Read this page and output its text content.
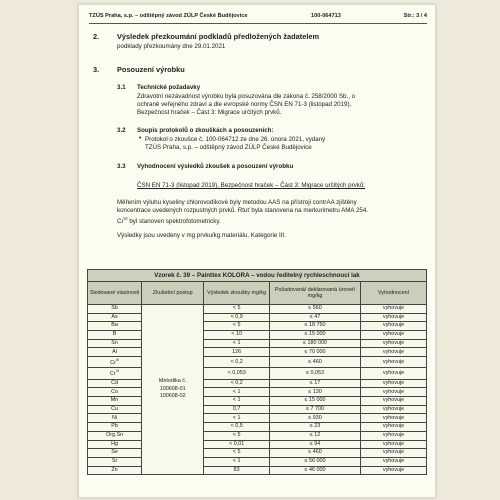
TZÚS Praha, s.p. – odštěpný závod ZÚLP České Budějovice	100-064713	Str.: 3 / 4
2. Výsledek přezkoumání podkladů předložených žadatelem
podklady přezkoumány dne 29.01.2021
3. Posouzení výrobku
3.1 Technické požadavky
Zdravotní nezávadnost výrobku byla posuzována dle zákona č. 258/2000 Sb., o
ochraně veřejného zdraví a dle evropské normy ČSN EN 71-3 (listopad 2019),
Bezpečnost hraček – Část 3: Migrace určitých prvků.
3.2 Soupis protokolů o zkouškách a posouzeních:
• Protokol o zkoušce č. 100-064712 ze dne 26. února 2021, vydaný
TZÚS Praha, s.p. – odštěpný závod ZÚLP České Budějovice
3.3 Vyhodnocení výsledků zkoušek a posouzení výrobku
ČSN EN 71-3 (listopad 2019), Bezpečnost hraček – Část 3: Migrace určitých prvků:
Měřením výluhu kyseliny chlorovodíkové byly metodou AAS na přístroji contrAA zjištěny
koncentrace uvedených rozpustných prvků. Rtuť byla stanovena na merkurimetru AMA 254.
$Cr^{VI}$ byl stanoven spektrofotometricky.
Výsledky jsou uvedeny v mg prvku/kg materiálu. Kategorie III.
Vzorek č. 39 – Painttex KOLORA – vodou ředitelný rychleschnoucí lak				
Sledované vlastnosti	Zkušební postup	Výsledek zkoušky mg/kg	Požadovaná/ deklarovaná úroveň mg/kg	Vyhodnocení
Sb	Metodika č. 100608-01 100608-02	< 5	≤ 560	vyhovuje
As		< 0,9	≤ 47	vyhovuje
Ba		< 5	≤ 18 750	vyhovuje
B		< 10	≤ 15 000	vyhovuje
Sn		< 1	≤ 180 000	vyhovuje
Al		126	≤ 70 000	vyhovuje
$Cr^{III}$		< 0,2	≤ 460	vyhovuje
$Cr^{VI}$		< 0,053	≤ 0,053	vyhovuje
Cd		< 0,2	≤ 17	vyhovuje
Co		< 1	≤ 130	vyhovuje
Mn		< 1	≤ 15 000	vyhovuje
Cu		0,7	≤ 7 700	vyhovuje
Ni		< 1	≤ 930	vyhovuje
Pb		< 0,5	≤ 23	vyhovuje
Org.Sn		< 5	≤ 12	vyhovuje
Hg		< 0,01	≤ 94	vyhovuje
Se		< 5	≤ 460	vyhovuje
Sr		< 1	≤ 56 000	vyhovuje
Zn		83	≤ 46 000	vyhovuje
